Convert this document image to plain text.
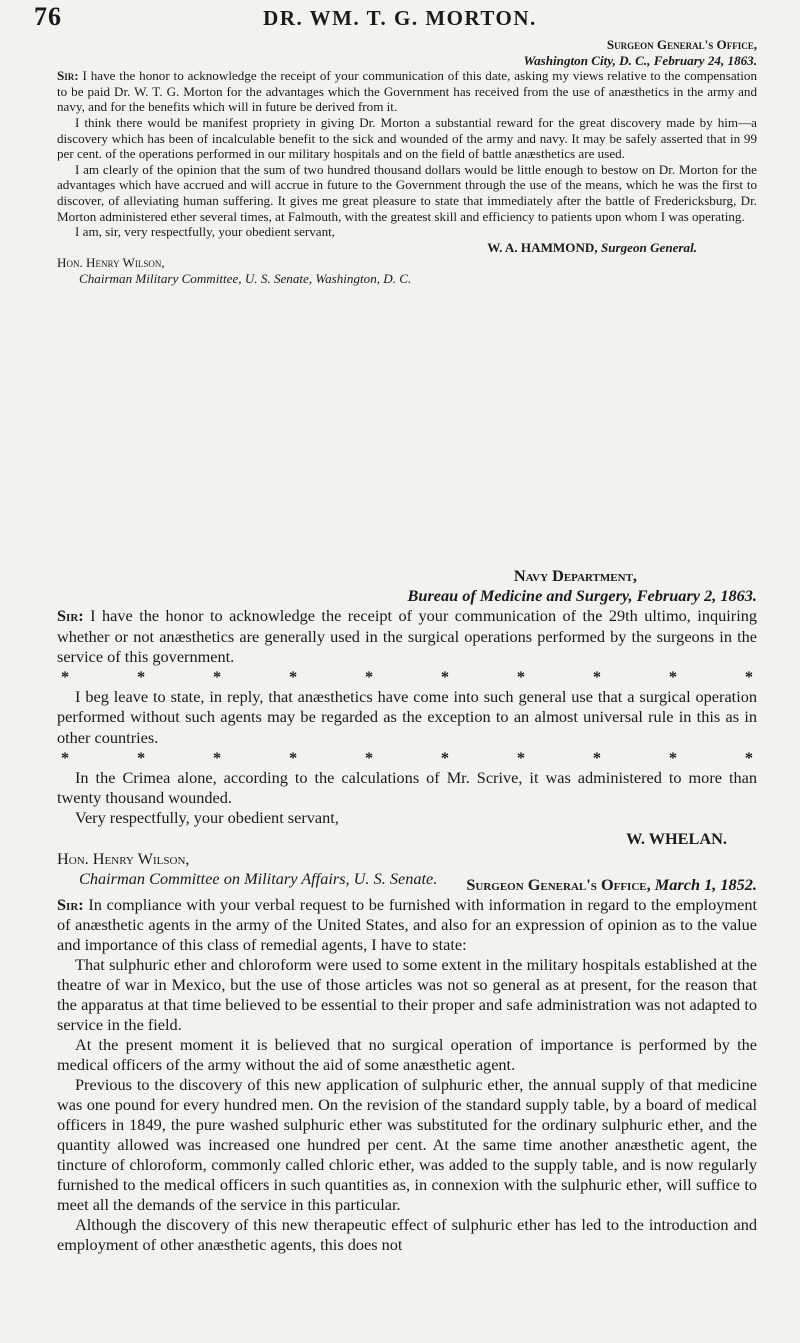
76	DR. WM. T. G. MORTON.

Surgeon General's Office,

Washington City, D. C., February 24, 1863.

Sir: I have the honor to acknowledge the receipt of your communication of this date, asking my views relative to the compensation to be paid Dr. W. T. G. Morton for the advantages which the Government has received from the use of anæsthetics in the army and navy, and for the benefits which will in future be derived from it.

I think there would be manifest propriety in giving Dr. Morton a substantial reward for the great discovery made by him—a discovery which has been of incalculable benefit to the sick and wounded of the army and navy. It may be safely asserted that in 99 per cent. of the operations performed in our military hospitals and on the field of battle anæsthetics are used.

I am clearly of the opinion that the sum of two hundred thousand dollars would be little enough to bestow on Dr. Morton for the advantages which have accrued and will accrue in future to the Government through the use of the means, which he was the first to discover, of alleviating human suffering. It gives me great pleasure to state that immediately after the battle of Fredericksburg, Dr. Morton administered ether several times, at Falmouth, with the greatest skill and efficiency to patients upon whom I was operating.

I am, sir, very respectfully, your obedient servant,

W. A. HAMMOND, Surgeon General.

Hon. Henry Wilson,
Chairman Military Committee, U. S. Senate, Washington, D. C.

Navy Department,

Bureau of Medicine and Surgery, February 2, 1863.

Sir: I have the honor to acknowledge the receipt of your communication of the 29th ultimo, inquiring whether or not anæsthetics are generally used in the surgical operations performed by the surgeons in the service of this government.

*	*	*	*	*	*	*	*	*	*

I beg leave to state, in reply, that anæsthetics have come into such general use that a surgical operation performed without such agents may be regarded as the exception to an almost universal rule in this as in other countries.

*	*	*	*	*	*	*	*	*	*

In the Crimea alone, according to the calculations of Mr. Scrive, it was administered to more than twenty thousand wounded.

Very respectfully, your obedient servant,

W. WHELAN.

Hon. Henry Wilson,
Chairman Committee on Military Affairs, U. S. Senate.	Surgeon General's Office, March 1, 1852.

Sir: In compliance with your verbal request to be furnished with information in regard to the employment of anæsthetic agents in the army of the United States, and also for an expression of opinion as to the value and importance of this class of remedial agents, I have to state:

That sulphuric ether and chloroform were used to some extent in the military hospitals established at the theatre of war in Mexico, but the use of those articles was not so general as at present, for the reason that the apparatus at that time believed to be essential to their proper and safe administration was not adapted to service in the field.

At the present moment it is believed that no surgical operation of importance is performed by the medical officers of the army without the aid of some anæsthetic agent.

Previous to the discovery of this new application of sulphuric ether, the annual supply of that medicine was one pound for every hundred men. On the revision of the standard supply table, by a board of medical officers in 1849, the pure washed sulphuric ether was substituted for the ordinary sulphuric ether, and the quantity allowed was increased one hundred per cent. At the same time another anæsthetic agent, the tincture of chloroform, commonly called chloric ether, was added to the supply table, and is now regularly furnished to the medical officers in such quantities as, in connexion with the sulphuric ether, will suffice to meet all the demands of the service in this particular.

Although the discovery of this new therapeutic effect of sulphuric ether has led to the introduction and employment of other anæsthetic agents, this does not
